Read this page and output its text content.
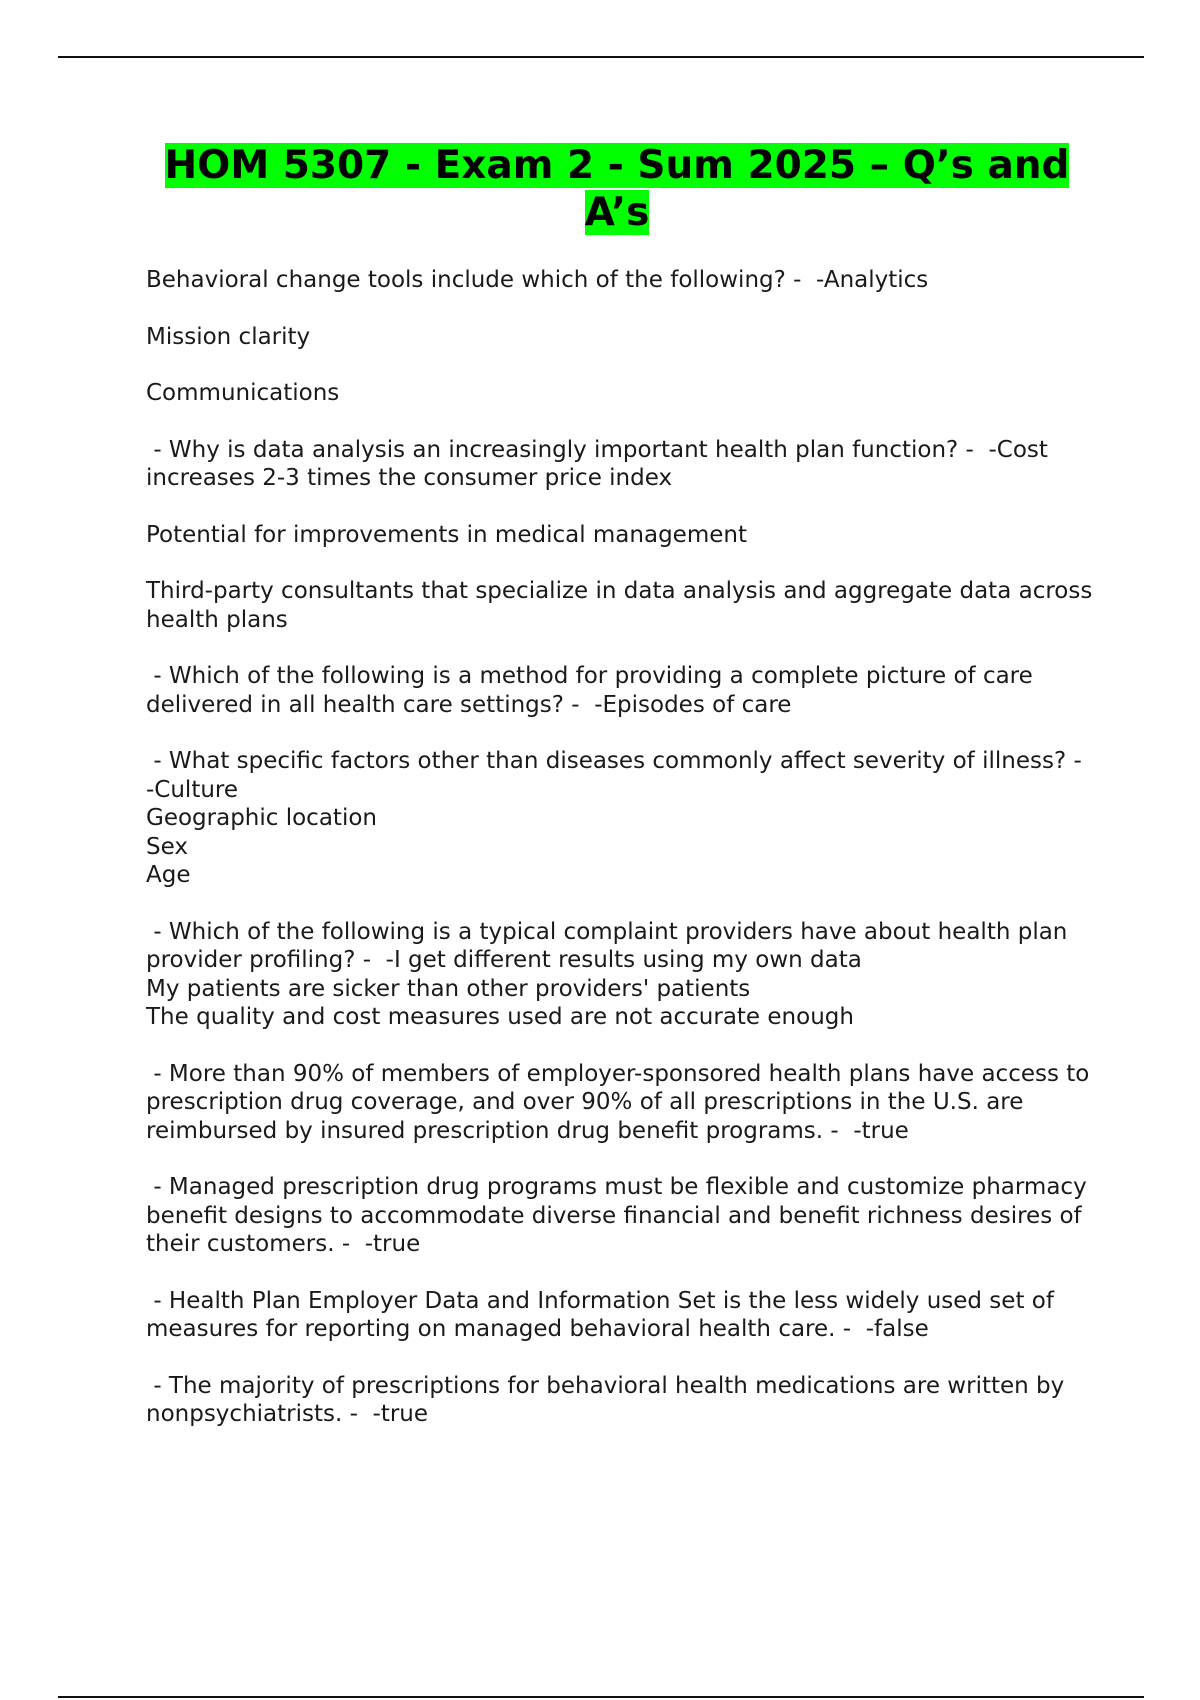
HOM 5307 - Exam 2 - Sum 2025 – Q’s and A’s

Behavioral change tools include which of the following? -  -Analytics

Mission clarity

Communications

- Why is data analysis an increasingly important health plan function? -  -Cost increases 2-3 times the consumer price index

Potential for improvements in medical management

Third-party consultants that specialize in data analysis and aggregate data across health plans

- Which of the following is a method for providing a complete picture of care delivered in all health care settings? -  -Episodes of care

- What specific factors other than diseases commonly affect severity of illness? -  -Culture
Geographic location
Sex
Age

- Which of the following is a typical complaint providers have about health plan provider profiling? -  -I get different results using my own data
My patients are sicker than other providers' patients
The quality and cost measures used are not accurate enough

- More than 90% of members of employer-sponsored health plans have access to prescription drug coverage, and over 90% of all prescriptions in the U.S. are reimbursed by insured prescription drug benefit programs. -  -true

- Managed prescription drug programs must be flexible and customize pharmacy benefit designs to accommodate diverse financial and benefit richness desires of their customers. -  -true

- Health Plan Employer Data and Information Set is the less widely used set of measures for reporting on managed behavioral health care. -  -false

- The majority of prescriptions for behavioral health medications are written by nonpsychiatrists. -  -true
